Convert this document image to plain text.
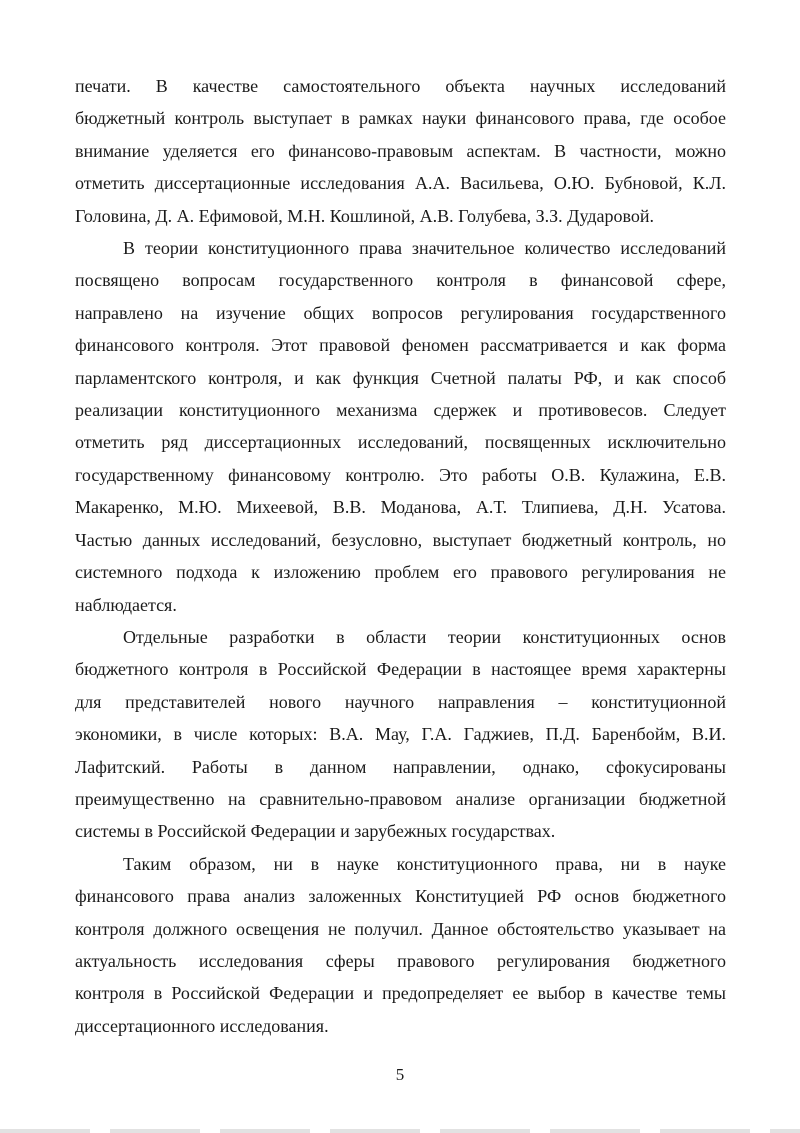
печати. В качестве самостоятельного объекта научных исследований
бюджетный контроль выступает в рамках науки финансового права, где особое
внимание уделяется его финансово-правовым аспектам. В частности, можно
отметить диссертационные исследования А.А. Васильева, О.Ю. Бубновой, К.Л.
Головина, Д. А. Ефимовой, М.Н. Кошлиной, А.В. Голубева, З.З. Дударовой.

В теории конституционного права значительное количество исследований
посвящено вопросам государственного контроля в финансовой сфере,
направлено на изучение общих вопросов регулирования государственного
финансового контроля. Этот правовой феномен рассматривается и как форма
парламентского контроля, и как функция Счетной палаты РФ, и как способ
реализации конституционного механизма сдержек и противовесов. Следует
отметить ряд диссертационных исследований, посвященных исключительно
государственному финансовому контролю. Это работы О.В. Кулажина, Е.В.
Макаренко, М.Ю. Михеевой, В.В. Моданова, А.Т. Тлипиева, Д.Н. Усатова.
Частью данных исследований, безусловно, выступает бюджетный контроль, но
системного подхода к изложению проблем его правового регулирования не
наблюдается.

Отдельные разработки в области теории конституционных основ
бюджетного контроля в Российской Федерации в настоящее время характерны
для представителей нового научного направления – конституционной
экономики, в числе которых: В.А. Мау, Г.А. Гаджиев, П.Д. Баренбойм, В.И.
Лафитский. Работы в данном направлении, однако, сфокусированы
преимущественно на сравнительно-правовом анализе организации бюджетной
системы в Российской Федерации и зарубежных государствах.

Таким образом, ни в науке конституционного права, ни в науке
финансового права анализ заложенных Конституцией РФ основ бюджетного
контроля должного освещения не получил. Данное обстоятельство указывает на
актуальность исследования сферы правового регулирования бюджетного
контроля в Российской Федерации и предопределяет ее выбор в качестве темы
диссертационного исследования.

5
